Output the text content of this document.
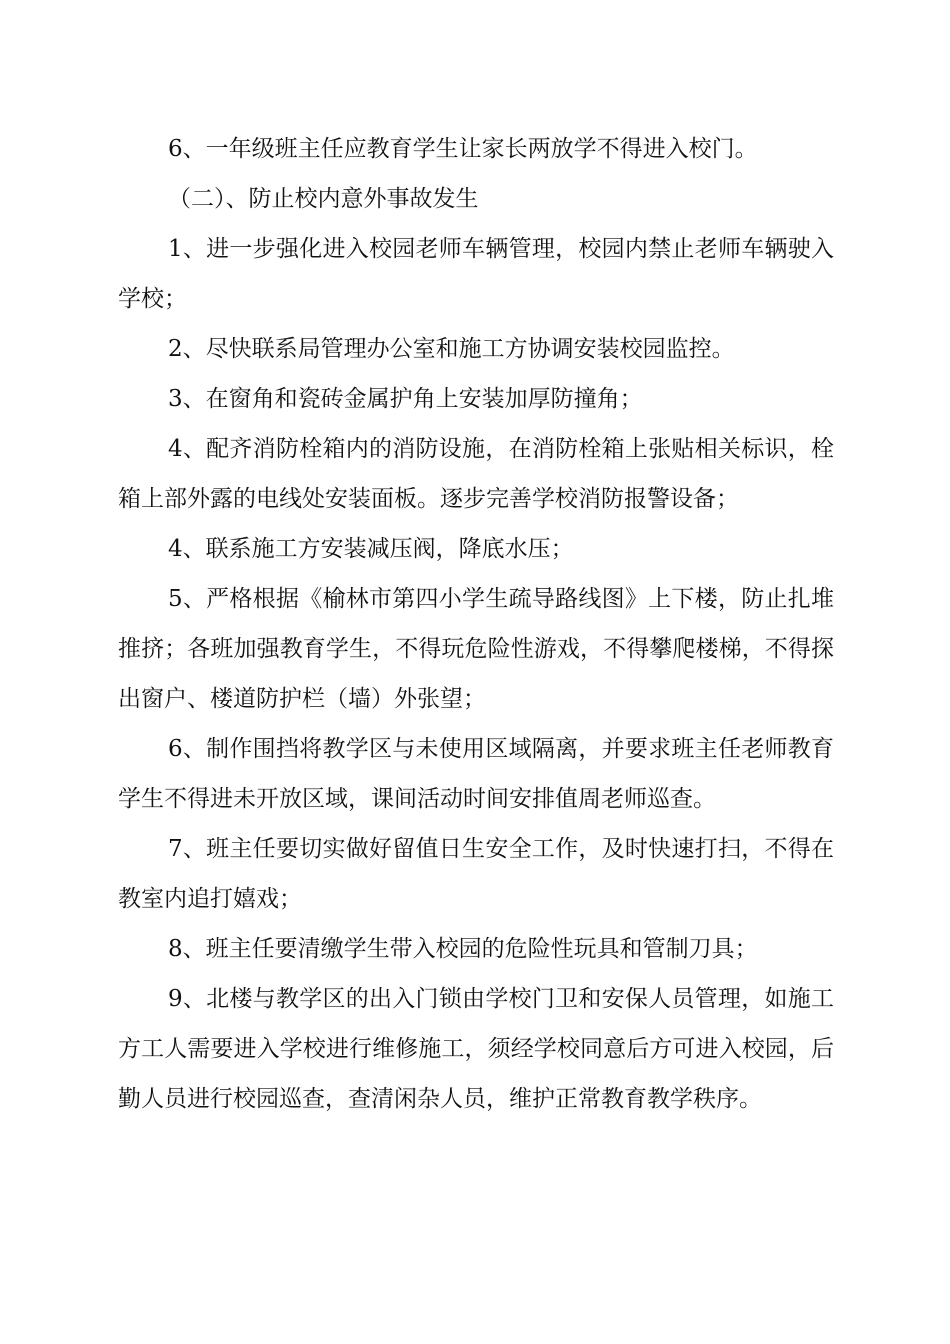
6、一年级班主任应教育学生让家长两放学不得进入校门。

（二）、防止校内意外事故发生

1、进一步强化进入校园老师车辆管理，校园内禁止老师车辆驶入学校；

2、尽快联系局管理办公室和施工方协调安装校园监控。

3、在窗角和瓷砖金属护角上安装加厚防撞角；

4、配齐消防栓箱内的消防设施，在消防栓箱上张贴相关标识，栓箱上部外露的电线处安装面板。逐步完善学校消防报警设备；

4、联系施工方安装减压阀，降底水压；

5、严格根据《榆林市第四小学生疏导路线图》上下楼，防止扎堆推挤；各班加强教育学生，不得玩危险性游戏，不得攀爬楼梯，不得探出窗户、楼道防护栏（墙）外张望；

6、制作围挡将教学区与未使用区域隔离，并要求班主任老师教育学生不得进未开放区域，课间活动时间安排值周老师巡查。

7、班主任要切实做好留值日生安全工作，及时快速打扫，不得在教室内追打嬉戏；

8、班主任要清缴学生带入校园的危险性玩具和管制刀具；

9、北楼与教学区的出入门锁由学校门卫和安保人员管理，如施工方工人需要进入学校进行维修施工，须经学校同意后方可进入校园，后勤人员进行校园巡查，查清闲杂人员，维护正常教育教学秩序。
